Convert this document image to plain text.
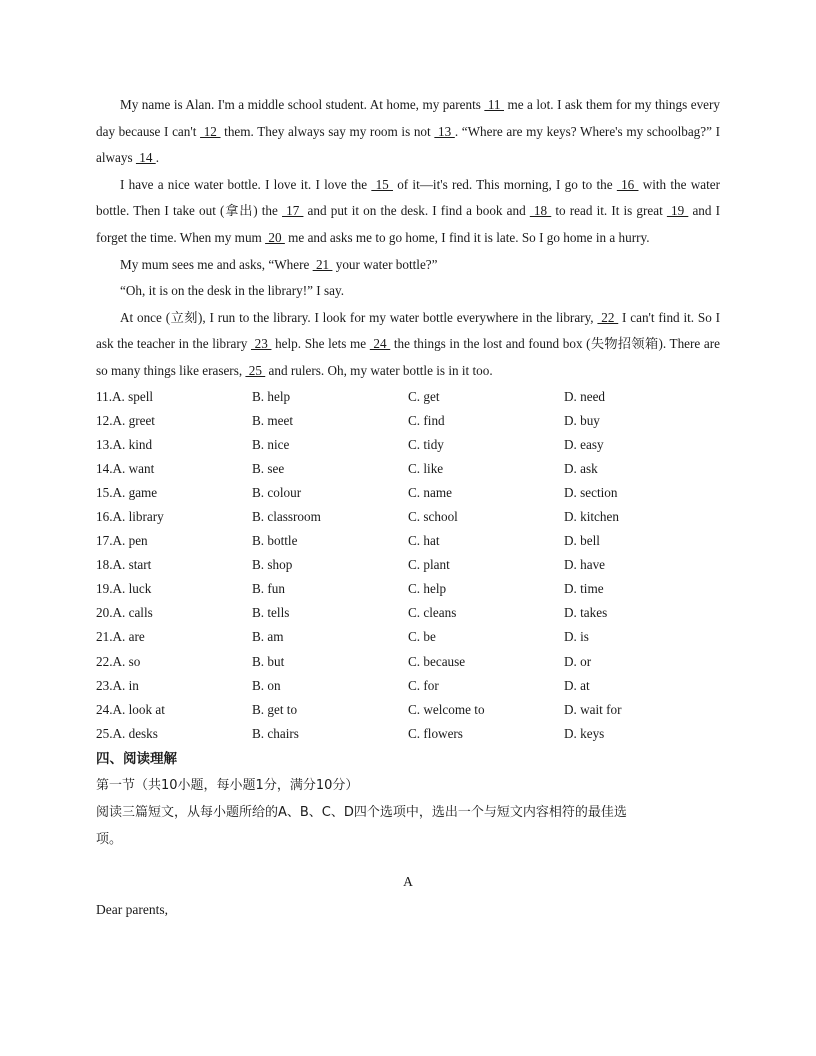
My name is Alan. I'm a middle school student. At home, my parents  11  me a lot. I ask them for my things every day because I can't  12  them. They always say my room is not  13 . “Where are my keys? Where's my schoolbag?” I always  14 .

I have a nice water bottle. I love it. I love the  15  of it—it's red. This morning, I go to the  16  with the water bottle. Then I take out (拿出) the  17  and put it on the desk. I find a book and  18  to read it. It is great  19  and I forget the time. When my mum  20  me and asks me to go home, I find it is late. So I go home in a hurry.

My mum sees me and asks, “Where  21  your water bottle?”

“Oh, it is on the desk in the library!” I say.

At once (立刻), I run to the library. I look for my water bottle everywhere in the library,  22  I can't find it. So I ask the teacher in the library  23  help. She lets me  24  the things in the lost and found box (失物招领箱). There are so many things like erasers,  25  and rulers. Oh, my water bottle is in it too.

11.A. spell	B. help	C. get	D. need
12.A. greet	B. meet	C. find	D. buy
13.A. kind	B. nice	C. tidy	D. easy
14.A. want	B. see	C. like	D. ask
15.A. game	B. colour	C. name	D. section
16.A. library	B. classroom	C. school	D. kitchen
17.A. pen	B. bottle	C. hat	D. bell
18.A. start	B. shop	C. plant	D. have
19.A. luck	B. fun	C. help	D. time
20.A. calls	B. tells	C. cleans	D. takes
21.A. are	B. am	C. be	D. is
22.A. so	B. but	C. because	D. or
23.A. in	B. on	C. for	D. at
24.A. look at	B. get to	C. welcome to	D. wait for
25.A. desks	B. chairs	C. flowers	D. keys
四、阅读理解
第一节（共10小题，每小题1分，满分10分）
阅读三篇短文，从每小题所给的A、B、C、D四个选项中，选出一个与短文内容相符的最佳选
项。
A
Dear parents,
